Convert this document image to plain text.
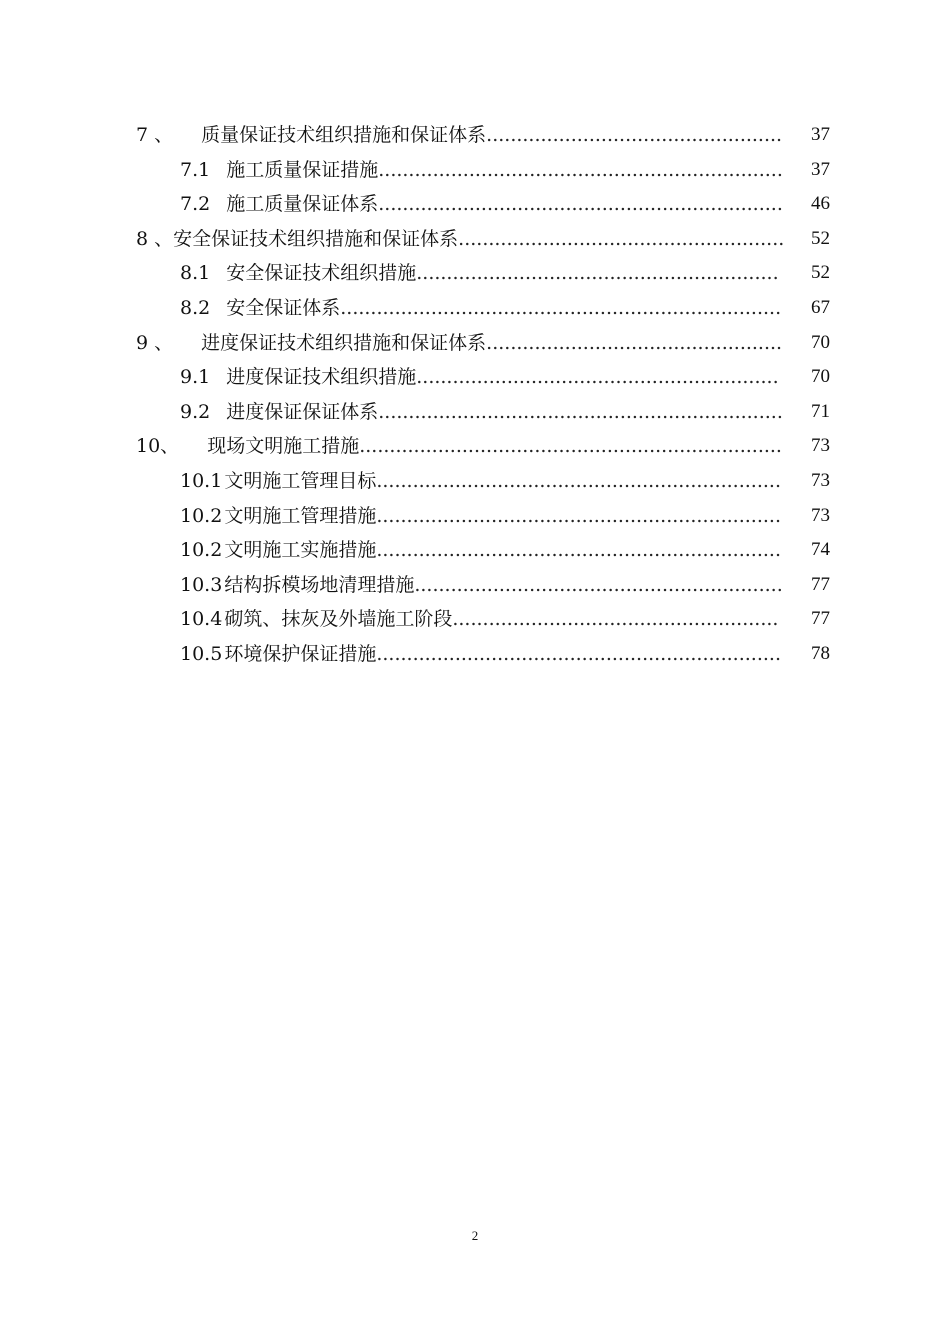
7 、 质量保证技术组织措施和保证体系.................................................	37
7.1 施工质量保证措施...................................................................	37
7.2 施工质量保证体系...................................................................	46
8 、安全保证技术组织措施和保证体系......................................................	52
8.1 安全保证技术组织措施............................................................	52
8.2 安全保证体系.........................................................................	67
9 、 进度保证技术组织措施和保证体系.................................................	70
9.1 进度保证技术组织措施............................................................	70
9.2 进度保证保证体系...................................................................	71
10、 现场文明施工措施......................................................................	73
10.1 文明施工管理目标...................................................................	73
10.2 文明施工管理措施...................................................................	73
10.2 文明施工实施措施...................................................................	74
10.3 结构拆模场地清理措施.............................................................	77
10.4 砌筑、抹灰及外墙施工阶段......................................................	77
10.5 环境保护保证措施...................................................................	78
2
